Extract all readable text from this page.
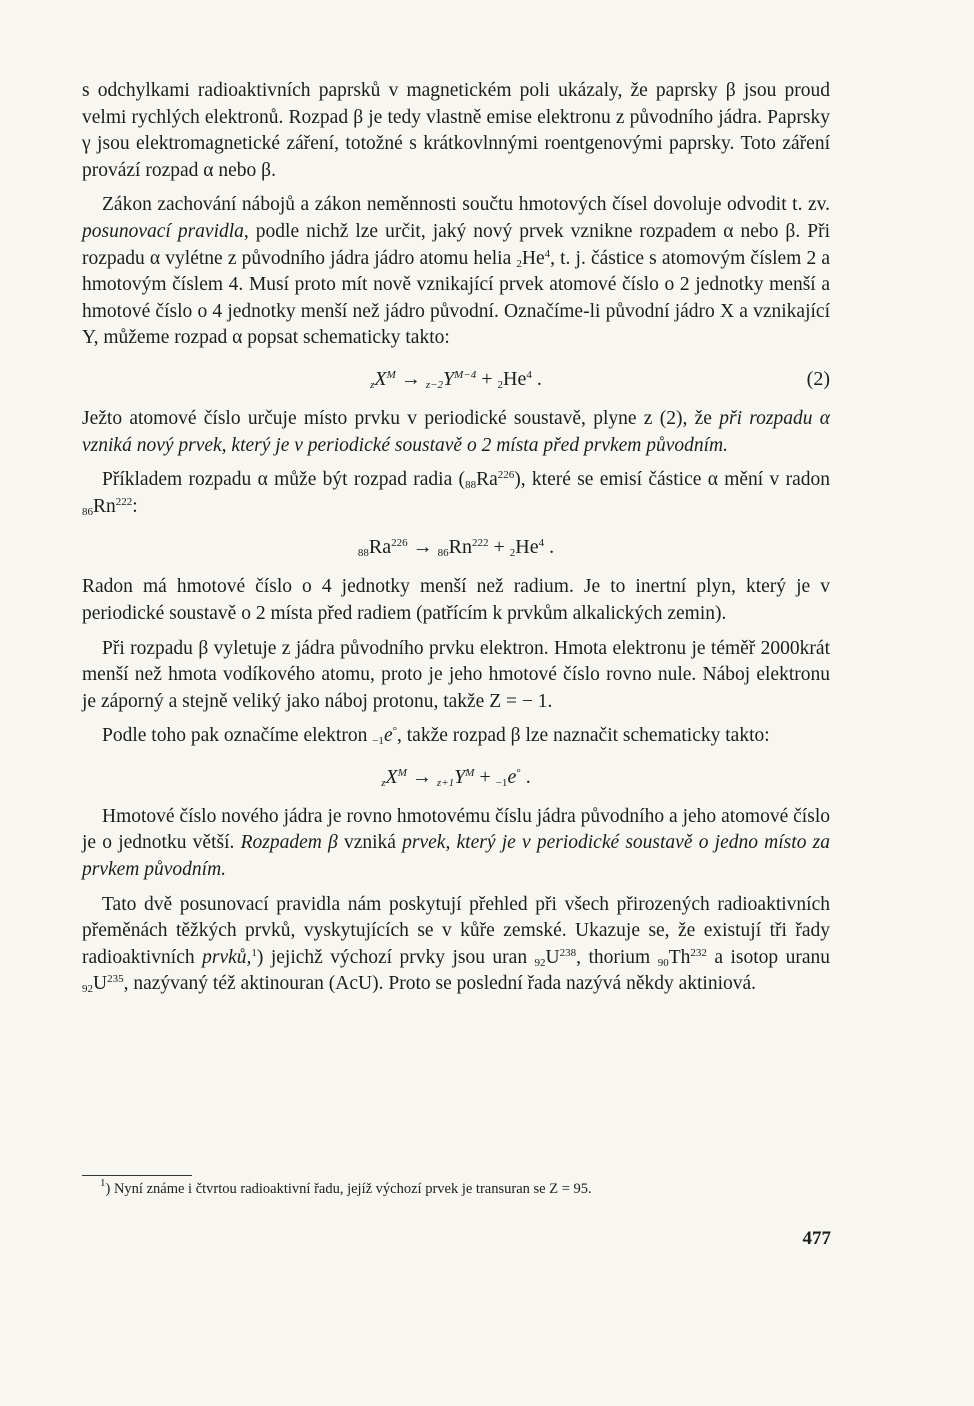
s odchylkami radioaktivních paprsků v magnetickém poli ukázaly, že paprsky β jsou proud velmi rychlých elektronů. Rozpad β je tedy vlastně emise elektronu z původního jádra. Paprsky γ jsou elektromagnetické záření, totožné s krátkovlnnými roentgenovými paprsky. Toto záření provází rozpad α nebo β.

Zákon zachování nábojů a zákon neměnnosti součtu hmotových čísel dovoluje odvodit t. zv. posunovací pravidla, podle nichž lze určit, jaký nový prvek vznikne rozpadem α nebo β. Při rozpadu α vylétne z původního jádra jádro atomu helia $_2He^4$, t. j. částice s atomovým číslem 2 a hmotovým číslem 4. Musí proto mít nově vznikající prvek atomové číslo o 2 jednotky menší a hmotové číslo o 4 jednotky menší než jádro původní. Označíme-li původní jádro X a vznikající Y, můžeme rozpad α popsat schematicky takto:

$_zX^M \to _{z-2}Y^{M-4} + _2He^4$ .	(2)

Ježto atomové číslo určuje místo prvku v periodické soustavě, plyne z (2), že při rozpadu α vzniká nový prvek, který je v periodické soustavě o 2 místa před prvkem původním.

Příkladem rozpadu α může být rozpad radia $(_{88}Ra^{226})$, které se emisí částice α mění v radon $_{86}Rn^{222}$:

$_{88}Ra^{226} \to _{86}Rn^{222} + _2He^4$ .

Radon má hmotové číslo o 4 jednotky menší než radium. Je to inertní plyn, který je v periodické soustavě o 2 místa před radiem (patřícím k prvkům alkalických zemin).

Při rozpadu β vyletuje z jádra původního prvku elektron. Hmota elektronu je téměř 2000krát menší než hmota vodíkového atomu, proto je jeho hmotové číslo rovno nule. Náboj elektronu je záporný a stejně veliký jako náboj protonu, takže Z = − 1.

Podle toho pak označíme elektron $_{-1}$e°, takže rozpad β lze naznačit schematicky takto:

$_zX^M \to _{z+1}Y^M + _{-1}e^\circ$ .

Hmotové číslo nového jádra je rovno hmotovému číslu jádra původního a jeho atomové číslo je o jednotku větší. Rozpadem β vzniká prvek, který je v periodické soustavě o jedno místo za prvkem původním.

Tato dvě posunovací pravidla nám poskytují přehled při všech přirozených radioaktivních přeměnách těžkých prvků, vyskytujících se v kůře zemské. Ukazuje se, že existují tři řady radioaktivních prvků,$^1$) jejichž výchozí prvky jsou uran $_{92}U^{238}$, thorium $_{90}Th^{232}$ a isotop uranu $_{92}U^{235}$, nazývaný též aktinouran (AcU). Proto se poslední řada nazývá někdy aktiniová.

$^1$) Nyní známe i čtvrtou radioaktivní řadu, jejíž výchozí prvek je transuran se Z = 95.
477
